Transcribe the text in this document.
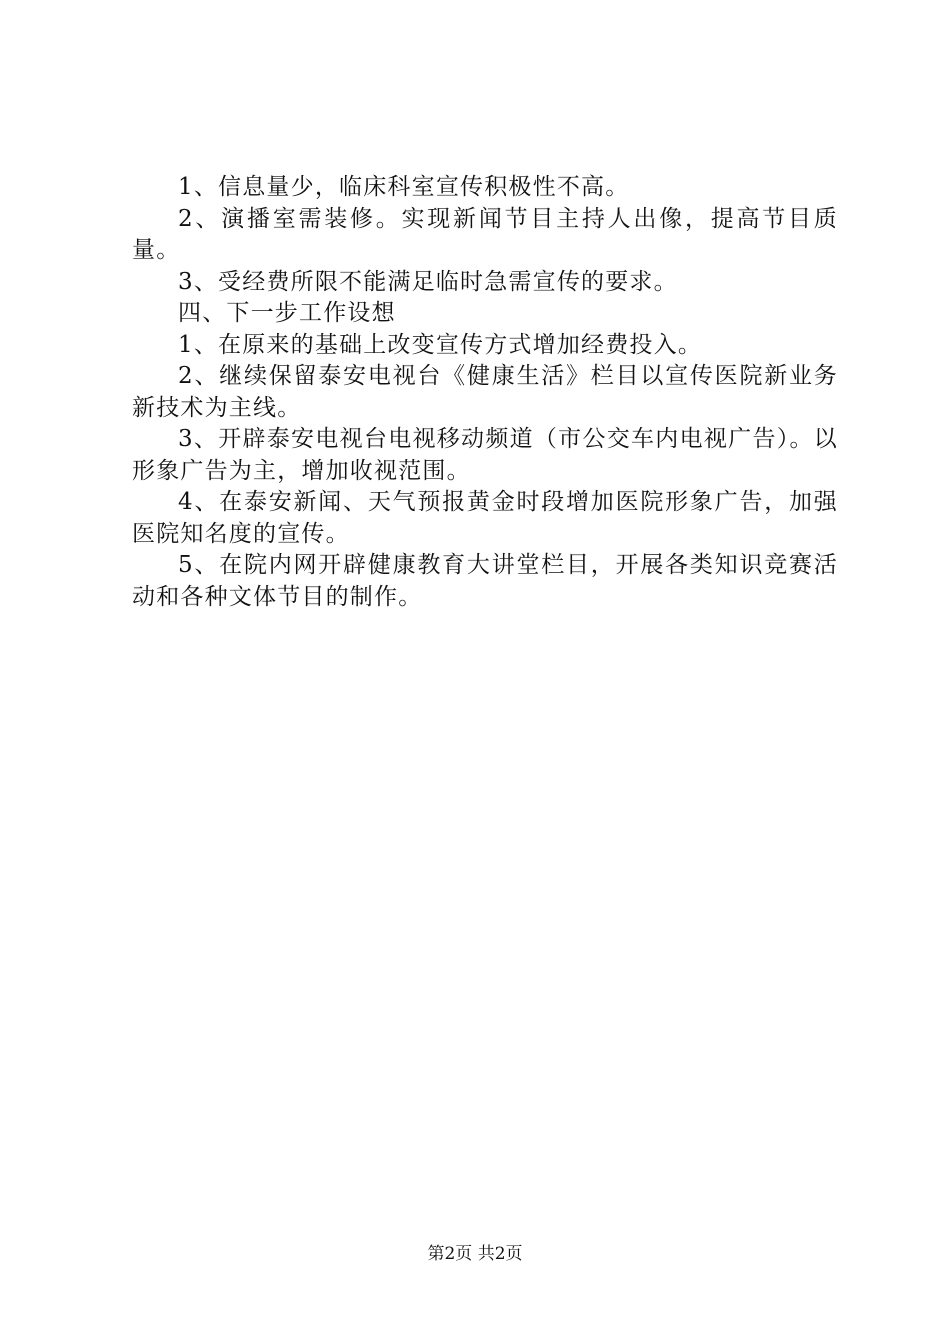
1、信息量少，临床科室宣传积极性不高。

2、演播室需装修。实现新闻节目主持人出像，提高节目质量。

3、受经费所限不能满足临时急需宣传的要求。

四、下一步工作设想

1、在原来的基础上改变宣传方式增加经费投入。

2、继续保留泰安电视台《健康生活》栏目以宣传医院新业务新技术为主线。

3、开辟泰安电视台电视移动频道（市公交车内电视广告）。以形象广告为主，增加收视范围。

4、在泰安新闻、天气预报黄金时段增加医院形象广告，加强医院知名度的宣传。

5、在院内网开辟健康教育大讲堂栏目，开展各类知识竞赛活动和各种文体节目的制作。

第2页 共2页
